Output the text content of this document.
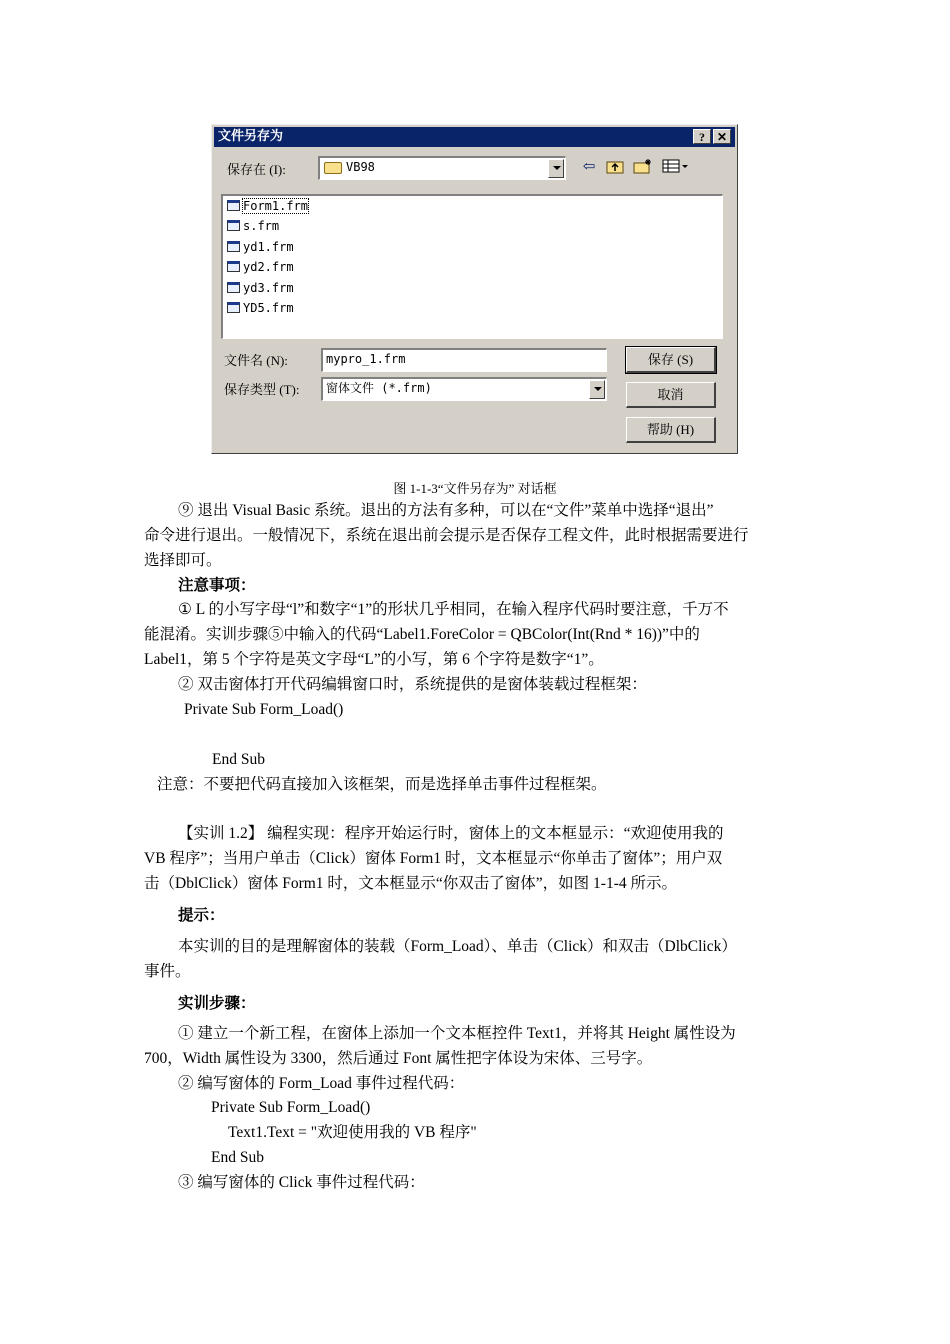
文件另存为	? ✕
保存在 (I):	VB98	⇦
Form1.frm
s.frm
yd1.frm
yd2.frm
yd3.frm
YD5.frm
文件名 (N):	mypro_1.frm
保存类型 (T):	窗体文件 (*.frm)
保存 (S)
取消
帮助 (H)
图 1-1-3“文件另存为” 对话框
⑨ 退出 Visual Basic 系统。退出的方法有多种，可以在“文件”菜单中选择“退出”
命令进行退出。一般情况下，系统在退出前会提示是否保存工程文件，此时根据需要进行
选择即可。
注意事项：
① L 的小写字母“l”和数字“1”的形状几乎相同，在输入程序代码时要注意，千万不
能混淆。实训步骤⑤中输入的代码“Label1.ForeColor = QBColor(Int(Rnd * 16))”中的
Label1，第 5 个字符是英文字母“L”的小写，第 6 个字符是数字“1”。
② 双击窗体打开代码编辑窗口时，系统提供的是窗体装载过程框架：
Private Sub Form_Load()
End Sub
注意：不要把代码直接加入该框架，而是选择单击事件过程框架。
【实训 1.2】 编程实现：程序开始运行时，窗体上的文本框显示：“欢迎使用我的
VB 程序”；当用户单击（Click）窗体 Form1 时，文本框显示“你单击了窗体”；用户双
击（DblClick）窗体 Form1 时，文本框显示“你双击了窗体”，如图 1-1-4 所示。
提示：
本实训的目的是理解窗体的装载（Form_Load）、单击（Click）和双击（DlbClick）
事件。
实训步骤：
① 建立一个新工程，在窗体上添加一个文本框控件 Text1，并将其 Height 属性设为
700，Width 属性设为 3300，然后通过 Font 属性把字体设为宋体、三号字。
② 编写窗体的 Form_Load 事件过程代码：
Private Sub Form_Load()
Text1.Text = "欢迎使用我的 VB 程序"
End Sub
③ 编写窗体的 Click 事件过程代码：
